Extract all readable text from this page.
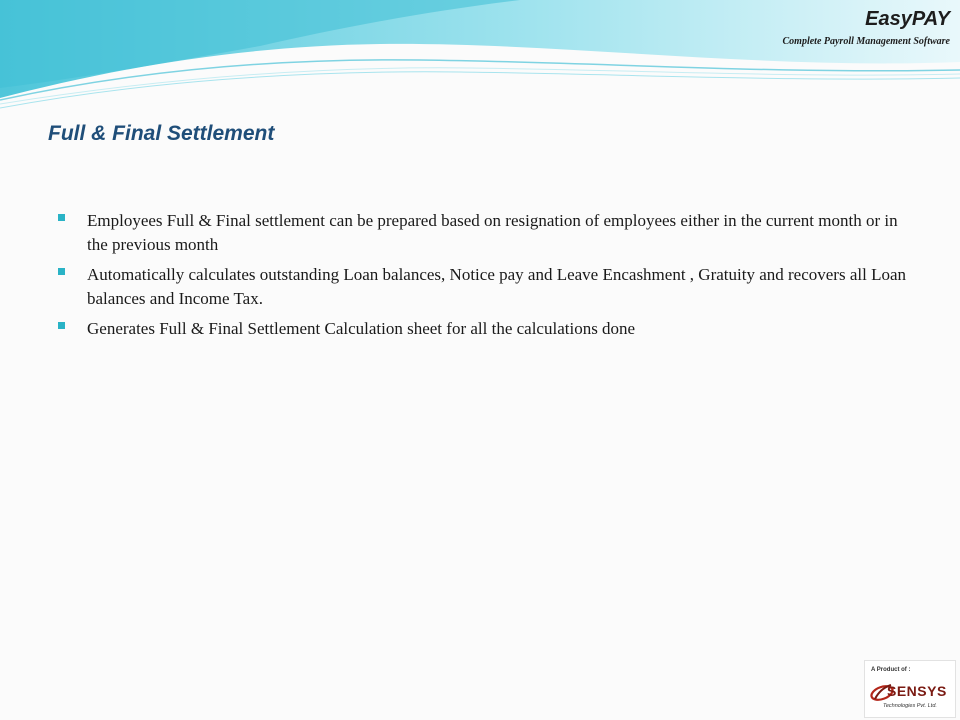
EasyPAY
Complete Payroll Management Software
Full & Final Settlement
Employees Full & Final settlement can be prepared based on resignation of employees either in the current month or in the previous month
Automatically calculates outstanding Loan balances, Notice pay and Leave Encashment , Gratuity and recovers all Loan balances and Income Tax.
Generates Full & Final Settlement Calculation sheet for all the calculations done
A Product of :
SENSYS
Technologies Pvt. Ltd.
